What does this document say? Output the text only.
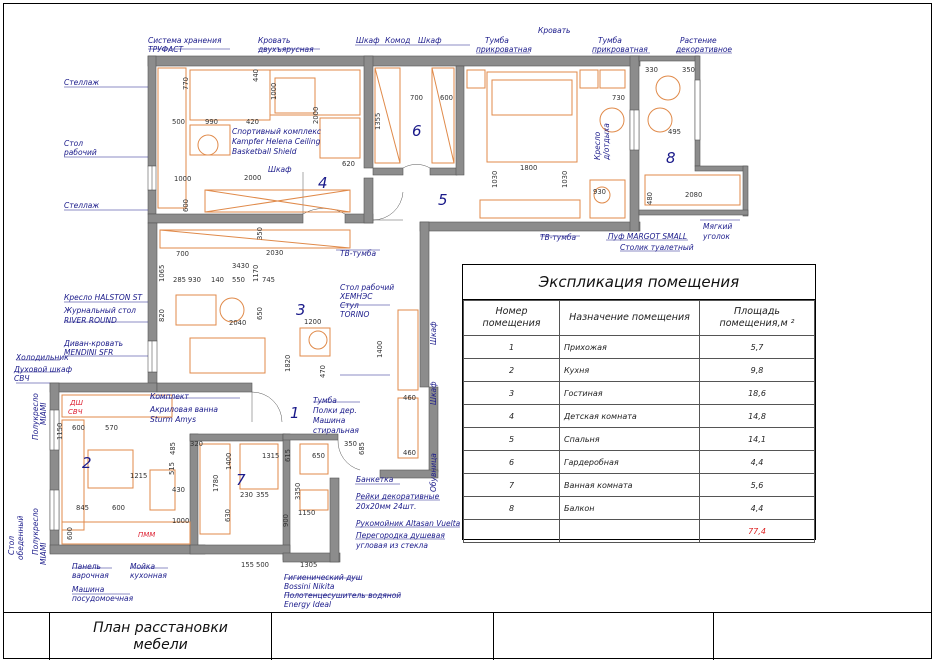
4
6
5
8
3
1
2
7
770
440
1000
500	990	420	2000
620
1000
600
2000
350
700	2030
1355
700	600
1030
1800
1030
930
730
330	350
495
2080
480
3430 1170 745
285 930 140 550
1065
820
2040
650
1200
1820	470
1400
460
460
600	570
320
485
1315 615	650
350 685
1215
430
515
230 355
630
845	600
1000
1150
900
155 500	1305
1780
1400
3350
600
1150
Система хранения
ТРУФАСТ
Кровать
двухъярусная
Шкаф Комод Шкаф	Тумба
прикроватная
Кровать
Тумба
прикроватная
Растение
декоративное
Стеллаж
Стол
рабочий
Спортивный комплекс
Kampfer Helena Ceiling
Basketball Shield
Шкаф
Стеллаж
Кресло д/отдыха
ТВ-тумба
ТВ-тумба	Пуф MARGOT SMALL
Столик туалетный
Мягкий
уголок
Кресло HALSTON ST
Журнальный стол
RIVER ROUND
Диван-кровать
MENDINI SFR
Стол рабочий
ХЕМНЭС
Стул
TORINO
Холодильник
Духовой шкаф
СВЧ
Комплект
Акриловая ванна
Sturm Amys
Тумба
Полки дер.
Машина
стиральная
Шкаф
Шкаф
Обувница
Банкетка
Рейки декоративные
20х20мм 24шт.
Рукомойник Altasan Vuelta
Перегородка душевая
угловая из стекла
Гигиенический душ
Bossini Nikita
Полотенцесушитель водяной
Energy Ideal
Панель
варочная
Мойка
кухонная
Машина
посудомоечная
Полукресло MIAMI
Полукресло MIAMI
Стол обеденный
ДШ
СВЧ
ПММ
Экспликация помещения
Номер помещения	Назначение помещения	Площадь помещения,м ²
1	Прихожая	5,7
2	Кухня	9,8
3	Гостиная	18,6
4	Детская комната	14,8
5	Спальня	14,1
6	Гардеробная	4,4
7	Ванная комната	5,6
8	Балкон	4,4
		77,4
План расстановки
мебели
